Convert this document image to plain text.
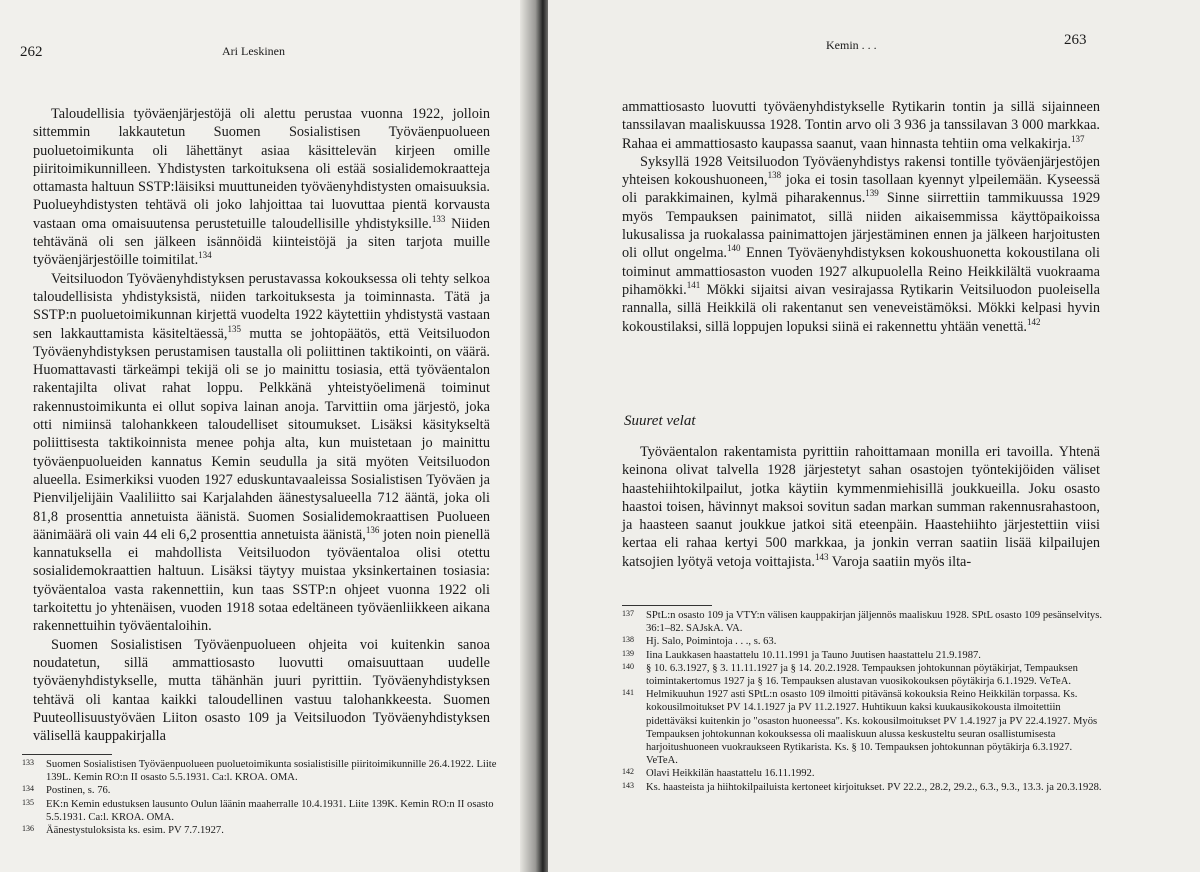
262	Ari Leskinen

Taloudellisia työväenjärjestöjä oli alettu perustaa vuonna 1922, jolloin sittemmin lakkautetun Suomen Sosialistisen Työväenpuolueen puoluetoimikunta oli lähettänyt asiaa käsittelevän kirjeen omille piiritoimikunnilleen. Yhdistysten tarkoituksena oli estää sosialidemokraatteja ottamasta haltuun SSTP:läisiksi muuttuneiden työväenyhdistysten omaisuuksia. Puolueyhdistysten tehtävä oli joko lahjoittaa tai luovuttaa pientä korvausta vastaan oma omaisuutensa perustetuille taloudellisille yhdistyksille.$^{133}$ Niiden tehtävänä oli sen jälkeen isännöidä kiinteistöjä ja siten tarjota muille työväenjärjestöille toimitilat.$^{134}$

Veitsiluodon Työväenyhdistyksen perustavassa kokouksessa oli tehty selkoa taloudellisista yhdistyksistä, niiden tarkoituksesta ja toiminnasta. Tätä ja SSTP:n puoluetoimikunnan kirjettä vuodelta 1922 käytettiin yhdistystä vastaan sen lakkauttamista käsiteltäessä,$^{135}$ mutta se johtopäätös, että Veitsiluodon Työväenyhdistyksen perustamisen taustalla oli poliittinen taktikointi, on väärä. Huomattavasti tärkeämpi tekijä oli se jo mainittu tosiasia, että työväentalon rakentajilta olivat rahat loppu. Pelkkänä yhteistyöelimenä toiminut rakennustoimikunta ei ollut sopiva lainan anoja. Tarvittiin oma järjestö, joka otti nimiinsä talohankkeen taloudelliset sitoumukset. Lisäksi käsitykseltä poliittisesta taktikoinnista menee pohja alta, kun muistetaan jo mainittu työväenpuolueiden kannatus Kemin seudulla ja sitä myöten Veitsiluodon alueella. Esimerkiksi vuoden 1927 eduskuntavaaleissa Sosialistisen Työväen ja Pienviljelijäin Vaaliliitto sai Karjalahden äänestysalueella 712 ääntä, joka oli 81,8 prosenttia annetuista äänistä. Suomen Sosialidemokraattisen Puolueen äänimäärä oli vain 44 eli 6,2 prosenttia annetuista äänistä,$^{136}$ joten noin pienellä kannatuksella ei mahdollista Veitsiluodon työväentaloa olisi otettu sosialidemokraattien haltuun. Lisäksi täytyy muistaa yksinkertainen tosiasia: työväentaloa vasta rakennettiin, kun taas SSTP:n ohjeet vuonna 1922 oli tarkoitettu jo yhtenäisen, vuoden 1918 sotaa edeltäneen työväenliikkeen aikana rakennettuihin työväentaloihin.

Suomen Sosialistisen Työväenpuolueen ohjeita voi kuitenkin sanoa noudatetun, sillä ammattiosasto luovutti omaisuuttaan uudelle työväenyhdistykselle, mutta tähänhän juuri pyrittiin. Työväenyhdistyksen tehtävä oli kantaa kaikki taloudellinen vastuu talohankkeesta. Suomen Puuteollisuustyöväen Liiton osasto 109 ja Veitsiluodon Työväenyhdistyksen välisellä kauppakirjalla

133 Suomen Sosialistisen Työväenpuolueen puoluetoimikunta sosialistisille piiritoimikunnille 26.4.1922. Liite 139L. Kemin RO:n II osasto 5.5.1931. Ca:l. KROA. OMA.
134 Postinen, s. 76.
135 EK:n Kemin edustuksen lausunto Oulun läänin maaherralle 10.4.1931. Liite 139K. Kemin RO:n II osasto 5.5.1931. Ca:l. KROA. OMA.
136 Äänestystuloksista ks. esim. PV 7.7.1927.
Kemin . . .	263

ammattiosasto luovutti työväenyhdistykselle Rytikarin tontin ja sillä sijainneen tanssilavan maaliskuussa 1928. Tontin arvo oli 3 936 ja tanssilavan 3 000 markkaa. Rahaa ei ammattiosasto kaupassa saanut, vaan hinnasta tehtiin oma velkakirja.$^{137}$

Syksyllä 1928 Veitsiluodon Työväenyhdistys rakensi tontille työväenjärjestöjen yhteisen kokoushuoneen,$^{138}$ joka ei tosin tasollaan kyennyt ylpeilemään. Kyseessä oli parakkimainen, kylmä piharakennus.$^{139}$ Sinne siirrettiin tammikuussa 1929 myös Tempauksen painimatot, sillä niiden aikaisemmissa käyttöpaikoissa lukusalissa ja ruokalassa painimattojen järjestäminen ennen ja jälkeen harjoitusten oli ollut ongelma.$^{140}$ Ennen Työväenyhdistyksen kokoushuonetta kokoustilana oli toiminut ammattiosaston vuoden 1927 alkupuolella Reino Heikkilältä vuokraama pihamökki.$^{141}$ Mökki sijaitsi aivan vesirajassa Rytikarin Veitsiluodon puoleisella rannalla, sillä Heikkilä oli rakentanut sen veneveistämöksi. Mökki kelpasi hyvin kokoustilaksi, sillä loppujen lopuksi siinä ei rakennettu yhtään venettä.$^{142}$

Suuret velat

Työväentalon rakentamista pyrittiin rahoittamaan monilla eri tavoilla. Yhtenä keinona olivat talvella 1928 järjestetyt sahan osastojen työntekijöiden väliset haastehiihtokilpailut, jotka käytiin kymmenmiehisillä joukkueilla. Joku osasto haastoi toisen, hävinnyt maksoi sovitun sadan markan summan rakennusrahastoon, ja haasteen saanut joukkue jatkoi sitä eteenpäin. Haastehiihto järjestettiin viisi kertaa eli rahaa kertyi 500 markkaa, ja jonkin verran saatiin lisää kilpailujen katsojien lyötyä vetoja voittajista.$^{143}$ Varoja saatiin myös ilta-

137 SPtL:n osasto 109 ja VTY:n välisen kauppakirjan jäljennös maaliskuu 1928. SPtL osasto 109 pesänselvitys. 36:1–82. SAJskA. VA.
138 Hj. Salo, Poimintoja . . ., s. 63.
139 Iina Laukkasen haastattelu 10.11.1991 ja Tauno Juutisen haastattelu 21.9.1987.
140 § 10. 6.3.1927, § 3. 11.11.1927 ja § 14. 20.2.1928. Tempauksen johtokunnan pöytäkirjat, Tempauksen toimintakertomus 1927 ja § 16. Tempauksen alustavan vuosikokouksen pöytäkirja 6.1.1929. VeTeA.
141 Helmikuuhun 1927 asti SPtL:n osasto 109 ilmoitti pitävänsä kokouksia Reino Heikkilän torpassa. Ks. kokousilmoitukset PV 14.1.1927 ja PV 11.2.1927. Huhtikuun kaksi kuukausikokousta ilmoitettiin pidettäväksi kuitenkin jo "osaston huoneessa". Ks. kokousilmoitukset PV 1.4.1927 ja PV 22.4.1927. Myös Tempauksen johtokunnan kokouksessa oli maaliskuun alussa keskusteltu seuran osallistumisesta harjoitushuoneen vuokraukseen Rytikarista. Ks. § 10. Tempauksen johtokunnan pöytäkirja 6.3.1927. VeTeA.
142 Olavi Heikkilän haastattelu 16.11.1992.
143 Ks. haasteista ja hiihtokilpailuista kertoneet kirjoitukset. PV 22.2., 28.2, 29.2., 6.3., 9.3., 13.3. ja 20.3.1928.
